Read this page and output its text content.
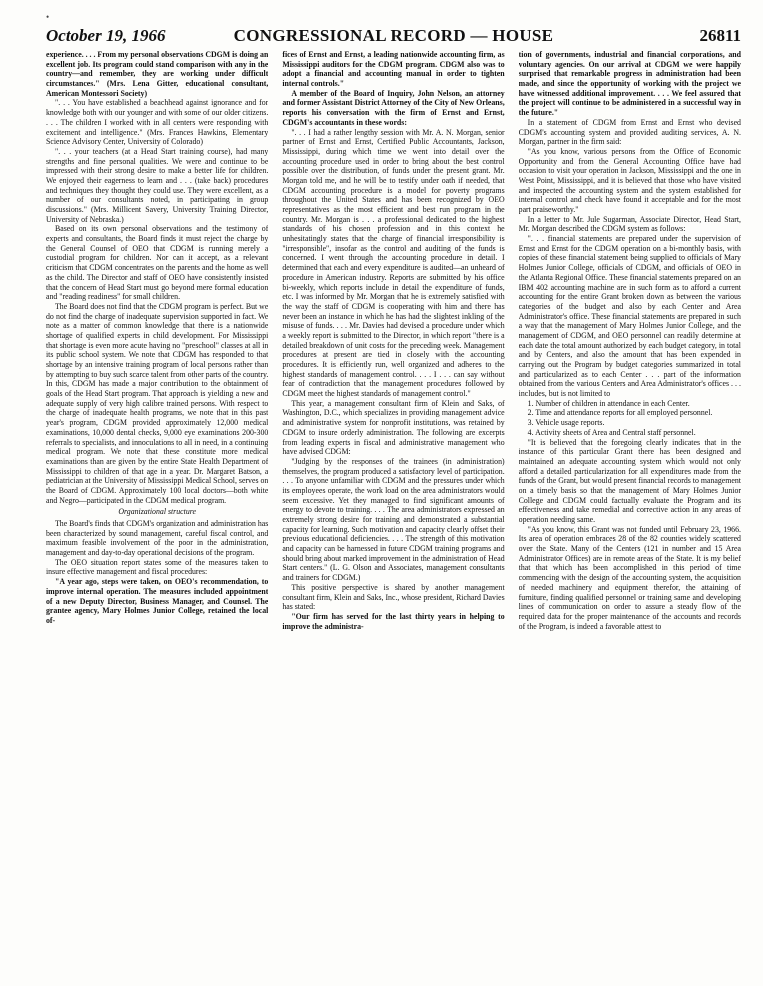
•
October 19, 1966	CONGRESSIONAL RECORD — HOUSE	26811

experience. . . . From my personal observations CDGM is doing an excellent job. Its program could stand comparison with any in the country—and remember, they are working under difficult circumstances." (Mrs. Lena Gitter, educational consultant, American Montessori Society)

". . . You have established a beachhead against ignorance and for knowledge both with our younger and with some of our older citizens. . . . The children I worked with in all centers were responding with excitement and intelligence." (Mrs. Frances Hawkins, Elementary Science Advisory Center, University of Colorado)

". . . your teachers (at a Head Start training course), had many strengths and fine personal qualities. We were and continue to be impressed with their strong desire to make a better life for children. We enjoyed their eagerness to learn and . . . (take back) procedures and techniques they thought they could use. They were excellent, as a number of our consultants noted, in participating in group discussions." (Mrs. Millicent Savery, University Training Director, University of Nebraska.)

Based on its own personal observations and the testimony of experts and consultants, the Board finds it must reject the charge by the General Counsel of OEO that CDGM is running merely a custodial program for children. Nor can it accept, as a relevant criticism that CDGM concentrates on the parents and the home as well as the child. The Director and staff of OEO have consistently insisted that the concern of Head Start must go beyond mere formal education and "reading readiness" for small children.

The Board does not find that the CDGM program is perfect. But we do not find the charge of inadequate supervision supported in fact. We note as a matter of common knowledge that there is a nationwide shortage of qualified experts in child development. For Mississippi that shortage is even more acute having no "preschool" classes at all in its public school system. We note that CDGM has responded to that shortage by an intensive training program of local persons rather than by attempting to buy such scarce talent from other parts of the country. In this, CDGM has made a major contribution to the obtainment of goals of the Head Start program. That approach is yielding a new and adequate supply of very high calibre trained persons. With respect to the charge of inadequate health programs, we note that in this past year's program, CDGM provided approximately 12,000 medical examinations, 10,000 dental checks, 9,000 eye examinations 200-300 referrals to specialists, and innoculations to all in need, in a continuing medical program. We note that these constitute more medical examinations than are given by the entire State Health Department of Mississippi to children of that age in a year. Dr. Margaret Batson, a pediatrician at the University of Mississippi Medical School, serves on the Board of CDGM. Approximately 100 local doctors—both white and Negro—participated in the CDGM medical program.

Organizational structure

The Board's finds that CDGM's organization and administration has been characterized by sound management, careful fiscal control, and maximum feasible involvement of the poor in the administration, management and day-to-day operational decisions of the program.

The OEO situation report states some of the measures taken to insure effective management and fiscal procedures:

"A year ago, steps were taken, on OEO's recommendation, to improve internal operation. The measures included appointment of a new Deputy Director, Business Manager, and Counsel. The grantee agency, Mary Holmes Junior College, retained the local of-

fices of Ernst and Ernst, a leading nationwide accounting firm, as Mississippi auditors for the CDGM program. CDGM also was to adopt a financial and accounting manual in order to tighten internal controls."

A member of the Board of Inquiry, John Nelson, an attorney and former Assistant District Attorney of the City of New Orleans, reports his conversation with the firm of Ernst and Ernst, CDGM's accountants in these words:

". . . I had a rather lengthy session with Mr. A. N. Morgan, senior partner of Ernst and Ernst, Certified Public Accountants, Jackson, Mississippi, during which time we went into detail over the accounting procedure used in order to bring about the best control possible over the distribution, of funds under the present grant. Mr. Morgan told me, and he will be to testify under oath if needed, that CDGM accounting procedure is a model for poverty programs throughout the United States and has been recognized by OEO representatives as the most efficient and best run program in the country. Mr. Morgan is . . . a professional dedicated to the highest standards of his chosen profession and in this context he unhesitatingly states that the charge of financial irresponsibility is "irresponsible", insofar as the control and auditing of the funds is concerned. I went through the accounting procedure in detail. I determined that each and every expenditure is audited—an unheard of procedure in American industry. Reports are submitted by his office bi-weekly, which reports include in detail the expenditure of funds, etc. I was informed by Mr. Morgan that he is extremely satisfied with the way the staff of CDGM is cooperating with him and there has never been an instance in which he has had the slightest inkling of the misuse of funds. . . . Mr. Davies had devised a procedure under which a weekly report is submitted to the Director, in which report "there is a detailed breakdown of unit costs for the preceding week. Management procedures at present are tied in closely with the accounting procedures. It is efficiently run, well organized and adheres to the highest standards of management control. . . . I . . . can say without fear of contradiction that the management procedures followed by CDGM meet the highest standards of management control."

This year, a management consultant firm of Klein and Saks, of Washington, D.C., which specializes in providing management advice and administrative system for nonprofit institutions, was retained by CDGM to insure orderly administration. The following are excerpts from leading experts in fiscal and administrative management who have advised CDGM:

"Judging by the responses of the trainees (in administration) themselves, the program produced a satisfactory level of participation. . . . To anyone unfamiliar with CDGM and the pressures under which its employees operate, the work load on the area administrators would seem excessive. Yet they managed to find significant amounts of energy to devote to training. . . . The area administrators expressed an extremely strong desire for training and demonstrated a substantial capacity for learning. Such motivation and capacity clearly offset their previous educational deficiencies. . . . The strength of this motivation and capacity can be harnessed in future CDGM training programs and should bring about marked improvement in the administration of Head Start centers." (L. G. Olson and Associates, management consultants and trainers for CDGM.)

This positive perspective is shared by another management consultant firm, Klein and Saks, Inc., whose president, Richard Davies has stated:

"Our firm has served for the last thirty years in helping to improve the administra-

tion of governments, industrial and financial corporations, and voluntary agencies. On our arrival at CDGM we were happily surprised that remarkable progress in administration had been made, and since the opportunity of working with the project we have witnessed additional improvement. . . . We feel assured that the project will continue to be administered in a successful way in the future."

In a statement of CDGM from Ernst and Ernst who devised CDGM's accounting system and provided auditing services, A. N. Morgan, partner in the firm said:

"As you know, various persons from the Office of Economic Opportunity and from the General Accounting Office have had occasion to visit your operation in Jackson, Mississippi and the one in West Point, Mississippi, and it is believed that those who have visited and inspected the accounting system and the system established for internal control and check have found it acceptable and for the most part praiseworthy."

In a letter to Mr. Jule Sugarman, Associate Director, Head Start, Mr. Morgan described the CDGM system as follows:

". . . financial statements are prepared under the supervision of Ernst and Ernst for the CDGM operation on a bi-monthly basis, with copies of these financial statement being supplied to officials of Mary Holmes Junior College, officials of CDGM, and officials of OEO in the Atlanta Regional Office. These financial statements prepared on an IBM 402 accounting machine are in such form as to afford a current accounting for the entire Grant broken down as between the various categories of the budget and also by each Center and Area Administrator's office. These financial statements are prepared in such a way that the management of Mary Holmes Junior College, and the management of CDGM, and OEO personnel can readily determine at each date the total amount authorized by each budget category, in total and by Centers, and also the amount that has been expended in carrying out the Program by budget categories summarized in total and particularized as to each Center . . . part of the information obtained from the various Centers and Area Administrator's offices . . . includes, but is not limited to

1. Number of children in attendance in each Center.

2. Time and attendance reports for all employed personnel.

3. Vehicle usage reports.

4. Activity sheets of Area and Central staff personnel.

"It is believed that the foregoing clearly indicates that in the instance of this particular Grant there has been designed and maintained an adequate accounting system which would not only afford a detailed particularization for all expenditures made from the funds of the Grant, but would present financial records to management on a timely basis so that the management of Mary Holmes Junior College and CDGM could factually evaluate the Program and its effectiveness and take remedial and corrective action in any areas of operation needing same.

"As you know, this Grant was not funded until February 23, 1966. Its area of operation embraces 28 of the 82 counties widely scattered over the State. Many of the Centers (121 in number and 15 Area Administrator Offices) are in remote areas of the State. It is my belief that that which has been accomplished in this period of time commencing with the design of the accounting system, the acquisition of needed machinery and equipment therefor, the attaining of furniture, finding qualified personnel or training same and developing lines of communication on order to assure a steady flow of the required data for the proper maintenance of the accounts and records of the Program, is indeed a favorable attest to
